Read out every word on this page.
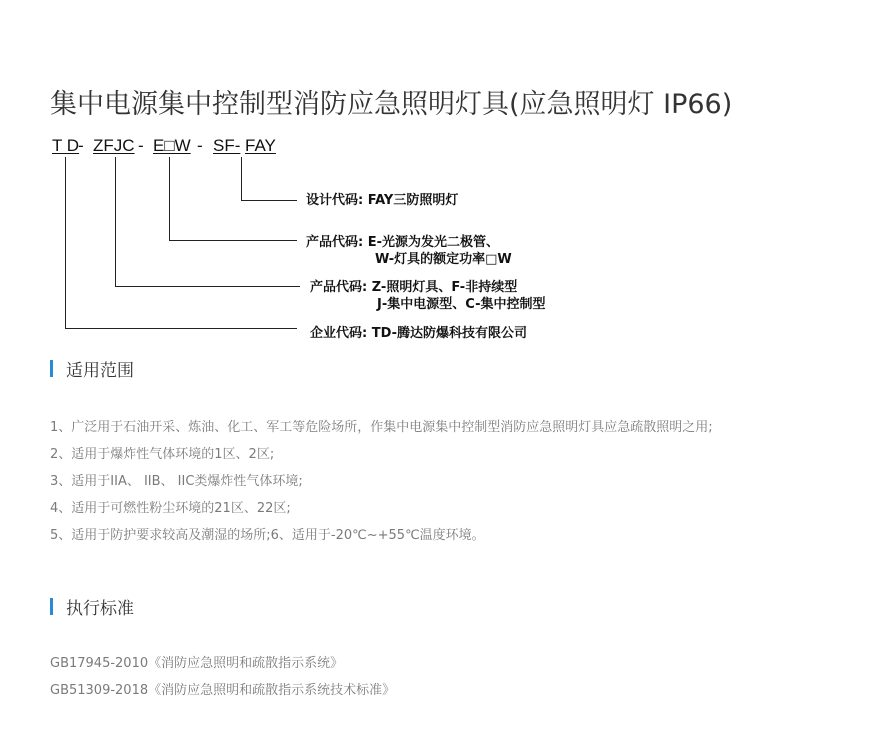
集中电源集中控制型消防应急照明灯具(应急照明灯 IP66)
T D
- ZFJC - E□W - SF- FAY
设计代码: FAY三防照明灯
产品代码: E-光源为发光二极管、
W-灯具的额定功率□W
产品代码: Z-照明灯具、F-非持续型
J-集中电源型、C-集中控制型
企业代码: TD-腾达防爆科技有限公司
适用范围
1、广泛用于石油开采、炼油、化工、军工等危险场所，作集中电源集中控制型消防应急照明灯具应急疏散照明之用;
2、适用于爆炸性气体环境的1区、2区;
3、适用于IIA、 IIB、 IIC类爆炸性气体环境;
4、适用于可燃性粉尘环境的21区、22区;
5、适用于防护要求较高及潮湿的场所;6、适用于-20℃~+55℃温度环境。
执行标准
GB17945-2010《消防应急照明和疏散指示系统》
GB51309-2018《消防应急照明和疏散指示系统技术标准》
